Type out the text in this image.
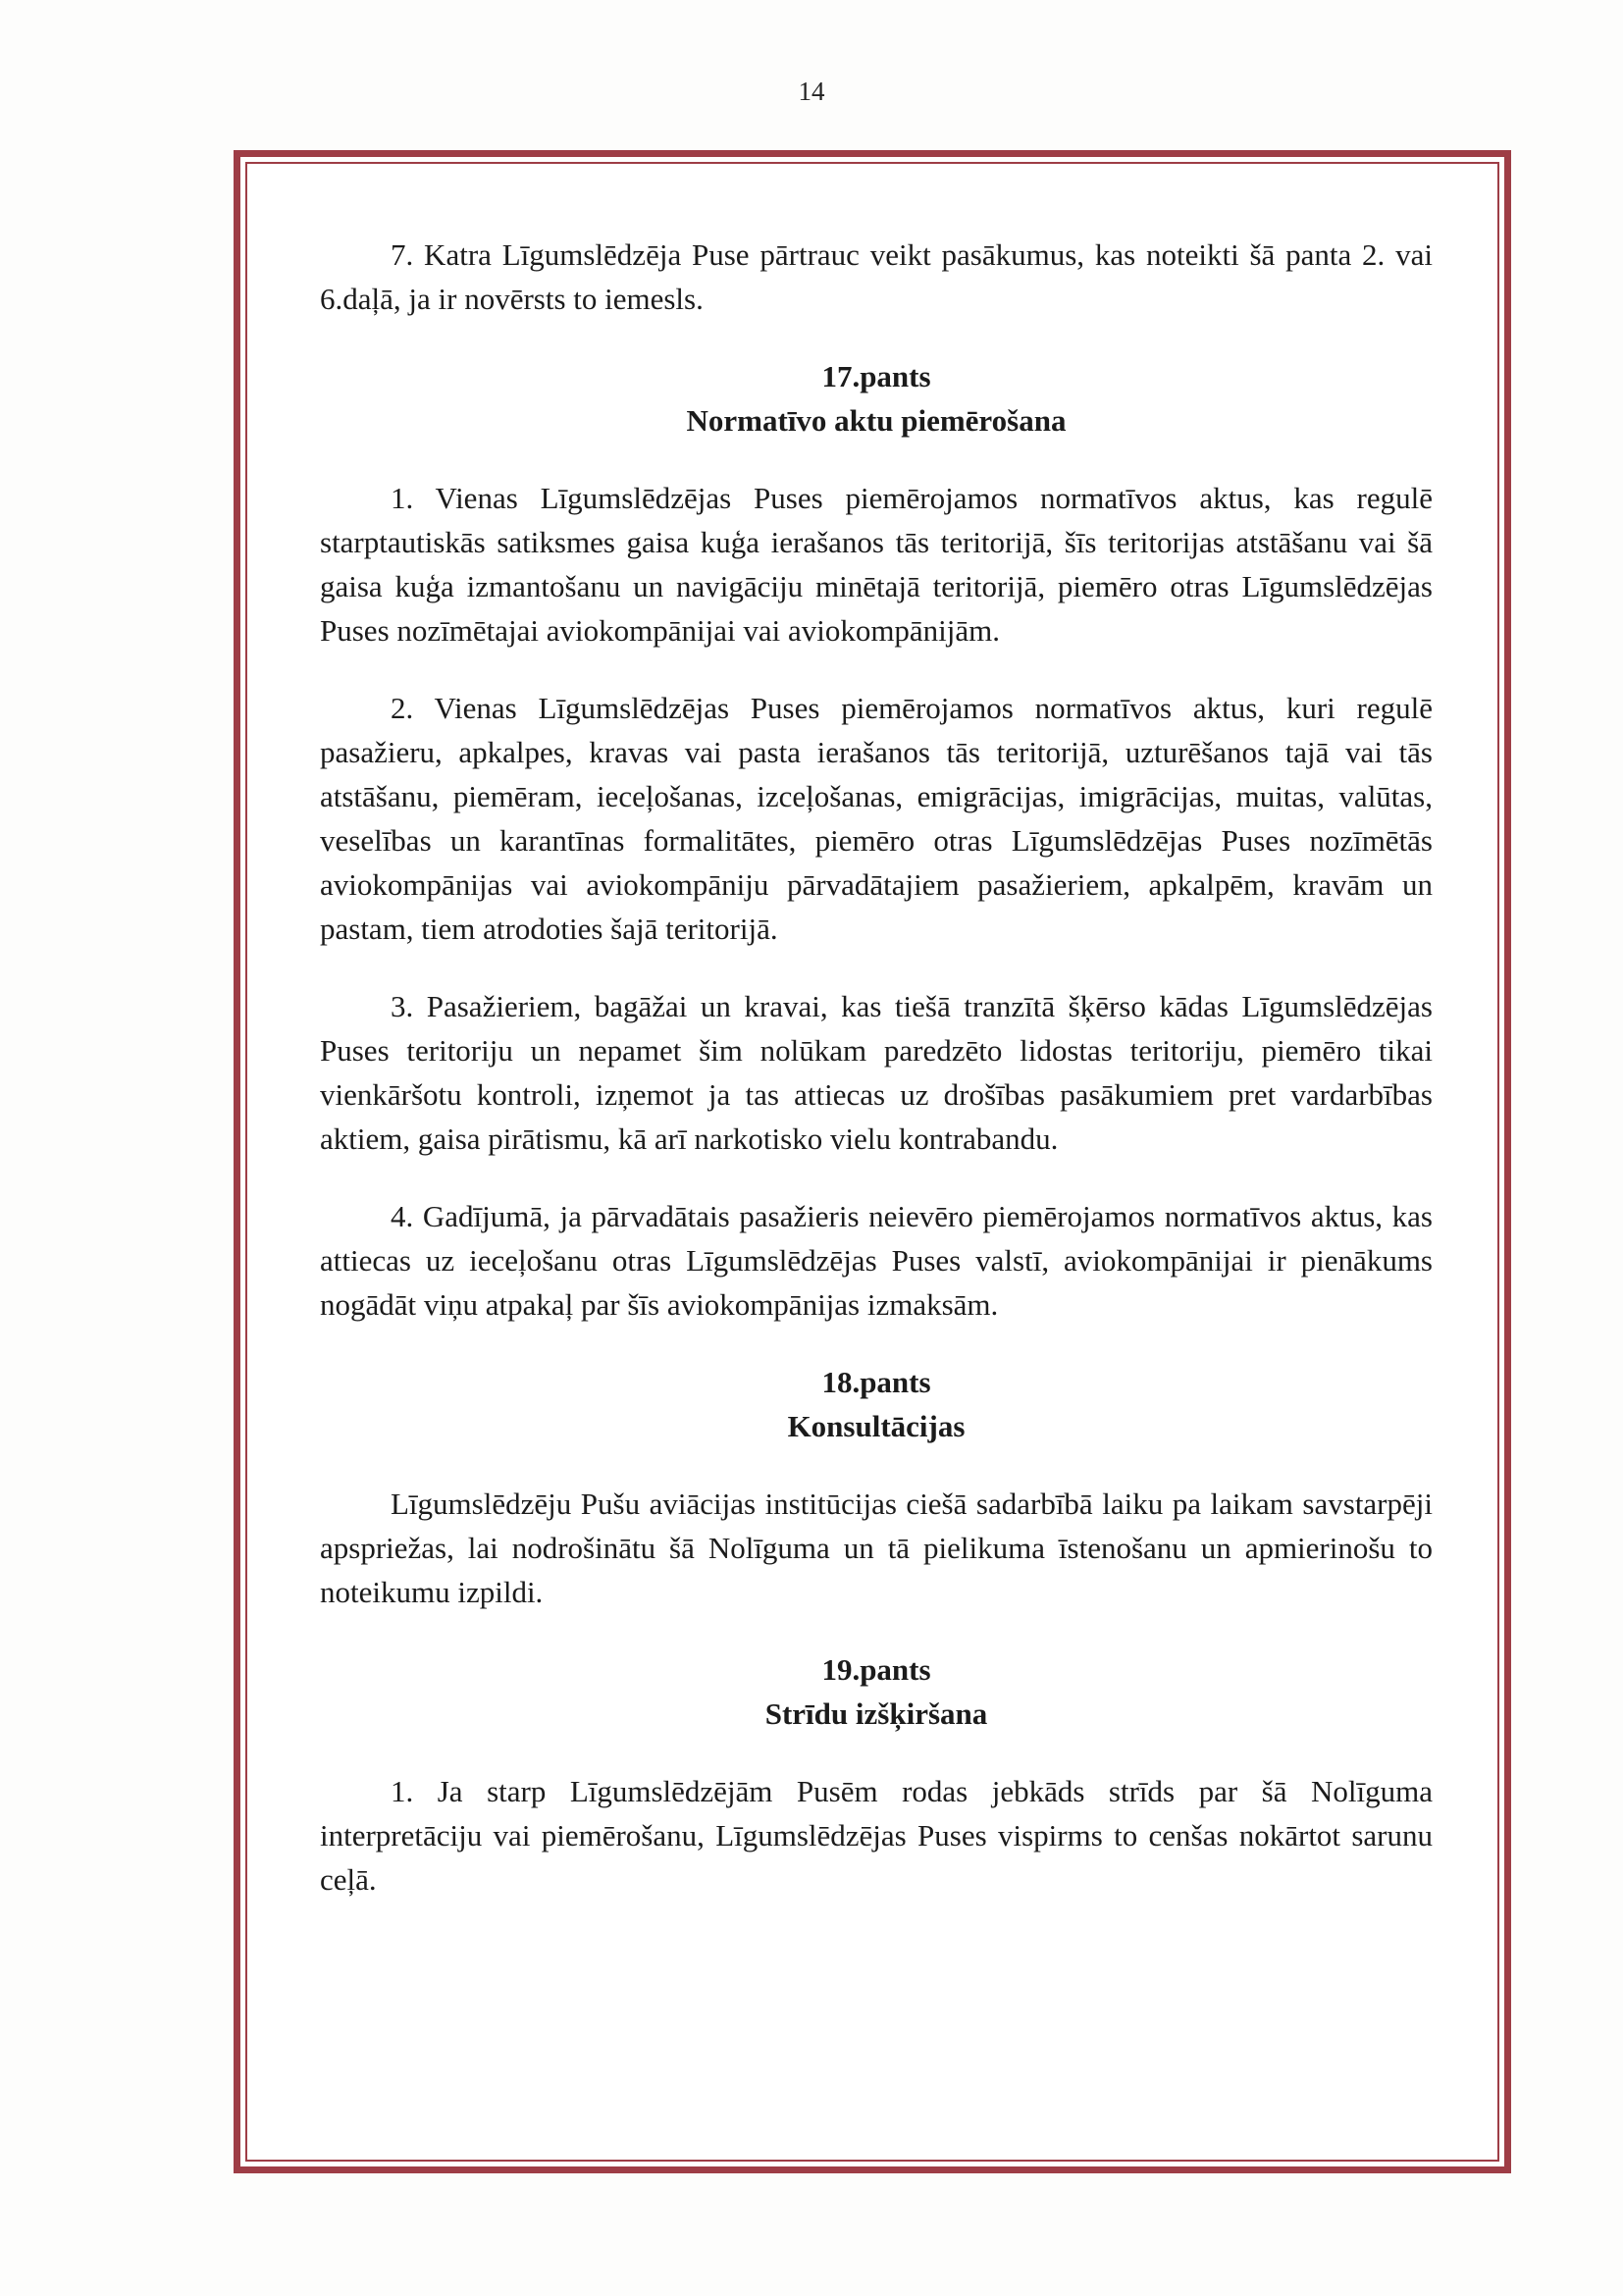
14

7. Katra Līgumslēdzēja Puse pārtrauc veikt pasākumus, kas noteikti šā panta 2. vai 6.daļā, ja ir novērsts to iemesls.

17.pants
Normatīvo aktu piemērošana

1. Vienas Līgumslēdzējas Puses piemērojamos normatīvos aktus, kas regulē starptautiskās satiksmes gaisa kuģa ierašanos tās teritorijā, šīs teritorijas atstāšanu vai šā gaisa kuģa izmantošanu un navigāciju minētajā teritorijā, piemēro otras Līgumslēdzējas Puses nozīmētajai aviokompānijai vai aviokompānijām.

2. Vienas Līgumslēdzējas Puses piemērojamos normatīvos aktus, kuri regulē pasažieru, apkalpes, kravas vai pasta ierašanos tās teritorijā, uzturēšanos tajā vai tās atstāšanu, piemēram, ieceļošanas, izceļošanas, emigrācijas, imigrācijas, muitas, valūtas, veselības un karantīnas formalitātes, piemēro otras Līgumslēdzējas Puses nozīmētās aviokompānijas vai aviokompāniju pārvadātajiem pasažieriem, apkalpēm, kravām un pastam, tiem atrodoties šajā teritorijā.

3. Pasažieriem, bagāžai un kravai, kas tiešā tranzītā šķērso kādas Līgumslēdzējas Puses teritoriju un nepamet šim nolūkam paredzēto lidostas teritoriju, piemēro tikai vienkāršotu kontroli, izņemot ja tas attiecas uz drošības pasākumiem pret vardarbības aktiem, gaisa pirātismu, kā arī narkotisko vielu kontrabandu.

4. Gadījumā, ja pārvadātais pasažieris neievēro piemērojamos normatīvos aktus, kas attiecas uz ieceļošanu otras Līgumslēdzējas Puses valstī, aviokompānijai ir pienākums nogādāt viņu atpakaļ par šīs aviokompānijas izmaksām.

18.pants
Konsultācijas

Līgumslēdzēju Pušu aviācijas institūcijas ciešā sadarbībā laiku pa laikam savstarpēji apspriežas, lai nodrošinātu šā Nolīguma un tā pielikuma īstenošanu un apmierinošu to noteikumu izpildi.

19.pants
Strīdu izšķiršana

1. Ja starp Līgumslēdzējām Pusēm rodas jebkāds strīds par šā Nolīguma interpretāciju vai piemērošanu, Līgumslēdzējas Puses vispirms to cenšas nokārtot sarunu ceļā.
